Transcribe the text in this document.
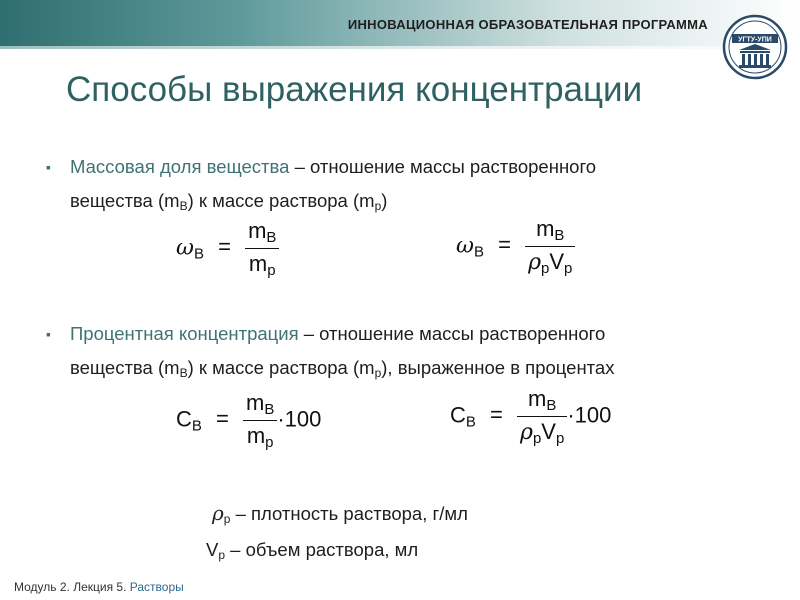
ИННОВАЦИОННАЯ ОБРАЗОВАТЕЛЬНАЯ ПРОГРАММА
УГТУ-УПИ
Способы выражения концентрации
▪ Массовая доля вещества – отношение массы растворенного
вещества $(m_B)$ к массе раствора $(m_p)$
$\omega B = \frac{mB}{mp}$	$\omega B = \frac{mB}{\text{ρpVp}}$
▪ Процентная концентрация – отношение массы растворенного
вещества $(m_B)$ к массе раствора $(m_p)$, выраженное в процентах
CB = $\frac{mB}{mp} \cdot 100$	CB = $\frac{mB}{\text{ρpVp}} \cdot 100$
$\rho_p$ – плотность раствора, г/мл
$V_p$ – объем раствора, мл
Модуль 2. Лекция 5. Растворы
